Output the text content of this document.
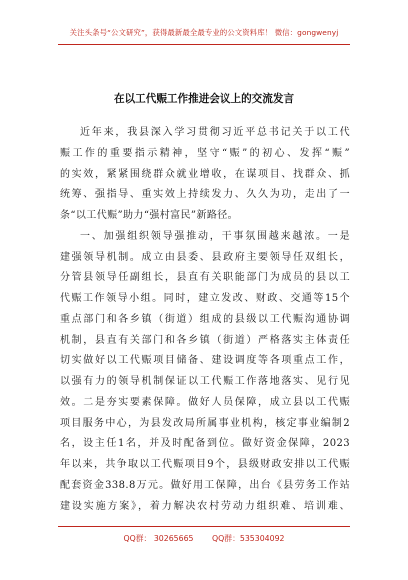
关注头条号“公文研究”，获得最新最全最专业的公文资料库！ 微信：gongwenyj
在以工代赈工作推进会议上的交流发言
近年来，我县深入学习贯彻习近平总书记关于以工代
赈工作的重要指示精神，坚守“赈”的初心、发挥“赈”
的实效，紧紧围绕群众就业增收，在谋项目、找群众、抓
统筹、强指导、重实效上持续发力、久久为功，走出了一
条“以工代赈”助力“强村富民”新路径。
一、加强组织领导强推动，干事氛围越来越浓。一是
建强领导机制。成立由县委、县政府主要领导任双组长，
分管县领导任副组长，县直有关职能部门为成员的县以工
代赈工作领导小组。同时，建立发改、财政、交通等15个
重点部门和各乡镇（街道）组成的县级以工代赈沟通协调
机制，县直有关部门和各乡镇（街道）严格落实主体责任
切实做好以工代赈项目储备、建设调度等各项重点工作，
以强有力的领导机制保证以工代赈工作落地落实、见行见
效。二是夯实要素保障。做好人员保障，成立县以工代赈
项目服务中心，为县发改局所属事业机构，核定事业编制2
名，设主任1名，并及时配备到位。做好资金保障，2023
年以来，共争取以工代赈项目9个，县级财政安排以工代赈
配套资金338.8万元。做好用工保障，出台《县劳务工作站
建设实施方案》，着力解决农村劳动力组织难、培训难、
QQ群： 30265665 QQ群：535304092
